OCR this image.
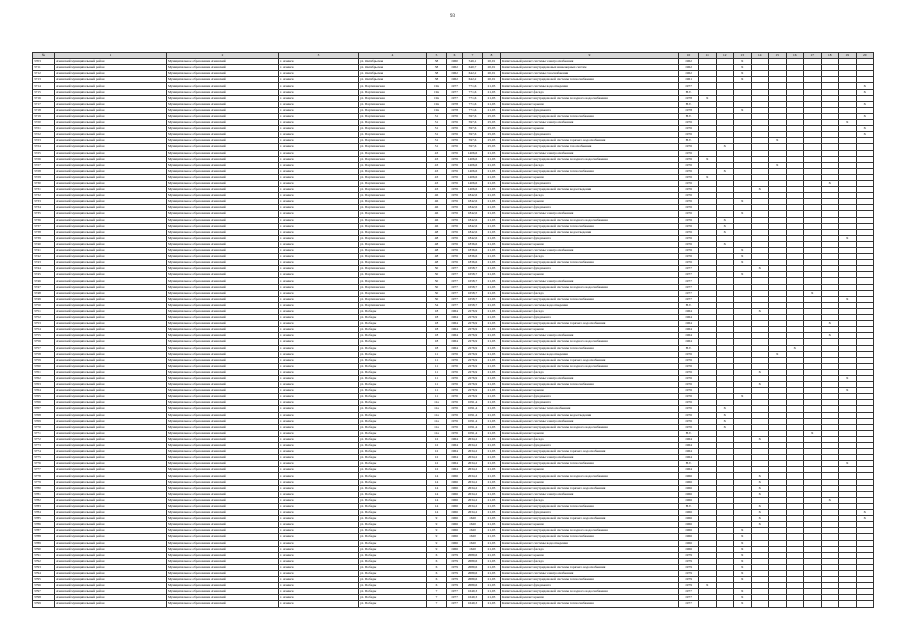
93
№	1	2	3	4	5	6	7	8	9	10	11	12	13	14	15	16	17	18	19	20
3703	Ачинский муниципальный район	Муниципальное образование Ачинский	г. Ачинск	ул. Октябрьская	38	1960	546,1	20,01	Капитальный ремонт системы электроснабжения	1962			Х							
3711	Ачинский муниципальный район	Муниципальное образование Ачинский	г. Ачинск	ул. Октябрьская	38	1962	640,7	20,01	Капитальный ремонт внутридомовых инженерных систем	1962			Х							
3712	Ачинский муниципальный район	Муниципальное образование Ачинский	г. Ачинск	ул. Октябрьская	38	1962	642,2	20,01	Капитальный ремонт системы газоснабжения	1962			Х							
3713	Ачинский муниципальный район	Муниципальное образование Ачинский	г. Ачинск	ул. Октябрьская	38	1962	642,2	20,01	Капитальный ремонт внутридомовой системы теплоснабжения	1961			Х							
3714	Ачинский муниципальный район	Муниципальное образование Ачинский	г. Ачинск	ул. Партизанская	19а	1977	771,6	21,03	Капитальный ремонт системы водоотведения	1977										Х
3715	Ачинский муниципальный район	Муниципальное образование Ачинский	г. Ачинск	ул. Партизанская	19а	1977	771,6	21,03	Капитальный ремонт фасада	Н.Т.										Х
3716	Ачинский муниципальный район	Муниципальное образование Ачинский	г. Ачинск	ул. Партизанская	19а	1977	771,6	21,03	Капитальный ремонт внутридомовой системы холодного водоснабжения	1978	Х									
3717	Ачинский муниципальный район	Муниципальное образование Ачинский	г. Ачинск	ул. Партизанская	19а	1978	771,6	21,03	Капитальный ремонт крыши	Н.Т.										Х
3718	Ачинский муниципальный район	Муниципальное образование Ачинский	г. Ачинск	ул. Партизанская	19а	1978	771,6	21,03	Капитальный ремонт фундамента	1978			Х							
3719	Ачинский муниципальный район	Муниципальное образование Ачинский	г. Ачинск	ул. Партизанская	31	1976	597,6	25,03	Капитальный ремонт внутридомовой системы теплоснабжения	Н.Т.										Х
3720	Ачинский муниципальный район	Муниципальное образование Ачинский	г. Ачинск	ул. Партизанская	31	1976	597,6	25,03	Капитальный ремонт системы электроснабжения	1976									Х	
3721	Ачинский муниципальный район	Муниципальное образование Ачинский	г. Ачинск	ул. Партизанская	31	1976	597,6	25,03	Капитальный ремонт крыши	1976										Х
3722	Ачинский муниципальный район	Муниципальное образование Ачинский	г. Ачинск	ул. Партизанская	31	1976	597,6	25,03	Капитальный ремонт фундамента	1976										Х
3723	Ачинский муниципальный район	Муниципальное образование Ачинский	г. Ачинск	ул. Партизанская	31	1976	597,6	25,03	Капитальный ремонт внутридомовой системы горячего водоснабжения	Н.Т.					Х					
3724	Ачинский муниципальный район	Муниципальное образование Ачинский	г. Ачинск	ул. Партизанская	31	1976	597,6	25,03	Капитальный ремонт внутридомовой системы газоснабжения	1976		Х								
3725	Ачинский муниципальный район	Муниципальное образование Ачинский	г. Ачинск	ул. Партизанская	43	1976	1406,6	21,03	Капитальный ремонт системы электроснабжения	1976										
3726	Ачинский муниципальный район	Муниципальное образование Ачинский	г. Ачинск	ул. Партизанская	43	1976	1406,6	21,03	Капитальный ремонт внутридомовой системы холодного водоснабжения	1976	Х									
3727	Ачинский муниципальный район	Муниципальное образование Ачинский	г. Ачинск	ул. Партизанская	43	1976	1406,6	21,03	Капитальный ремонт фасада	1976					Х					
3728	Ачинский муниципальный район	Муниципальное образование Ачинский	г. Ачинск	ул. Партизанская	43	1976	1406,6	21,03	Капитальный ремонт внутридомовой системы теплоснабжения	1976		Х								
3729	Ачинский муниципальный район	Муниципальное образование Ачинский	г. Ачинск	ул. Партизанская	43	1976	1406,6	21,03	Капитальный ремонт крыши	1976	Х									
3730	Ачинский муниципальный район	Муниципальное образование Ачинский	г. Ачинск	ул. Партизанская	43	1976	1406,6	21,03	Капитальный ремонт фундамента	1976								Х		
3731	Ачинский муниципальный район	Муниципальное образование Ачинский	г. Ачинск	ул. Партизанская	43	1976	1406,6	21,03	Капитальный ремонт внутридомовой системы водоотведения	1976				Х						
3732	Ачинский муниципальный район	Муниципальное образование Ачинский	г. Ачинск	ул. Партизанская	46	1976	1842,6	21,03	Капитальный ремонт фасада	1976										
3733	Ачинский муниципальный район	Муниципальное образование Ачинский	г. Ачинск	ул. Партизанская	46	1976	1842,6	21,03	Капитальный ремонт крыши	1976			Х							
3734	Ачинский муниципальный район	Муниципальное образование Ачинский	г. Ачинск	ул. Партизанская	46	1976	1842,6	21,03	Капитальный ремонт фундамента	1976										
3735	Ачинский муниципальный район	Муниципальное образование Ачинский	г. Ачинск	ул. Партизанская	46	1976	1842,6	21,03	Капитальный ремонт системы электроснабжения	1976			Х							
3736	Ачинский муниципальный район	Муниципальное образование Ачинский	г. Ачинск	ул. Партизанская	46	1976	1842,6	21,03	Капитальный ремонт внутридомовой системы холодного водоснабжения	1976		Х								
3737	Ачинский муниципальный район	Муниципальное образование Ачинский	г. Ачинск	ул. Партизанская	46	1976	1842,6	21,03	Капитальный ремонт внутридомовой системы теплоснабжения	1976		Х								
3738	Ачинский муниципальный район	Муниципальное образование Ачинский	г. Ачинск	ул. Партизанская	48	1976	1842,6	21,03	Капитальный ремонт внутридомовой системы водоотведения	1976		Х								
3739	Ачинский муниципальный район	Муниципальное образование Ачинский	г. Ачинск	ул. Партизанская	48	1976	1842,6	21,03	Капитальный ремонт фундамента	1976									Х	
3740	Ачинский муниципальный район	Муниципальное образование Ачинский	г. Ачинск	ул. Партизанская	48	1976	1836,6	21,03	Капитальный ремонт крыши	1976		Х								
3741	Ачинский муниципальный район	Муниципальное образование Ачинский	г. Ачинск	ул. Партизанская	48	1976	1836,6	21,03	Капитальный ремонт системы электроснабжения	1976			Х							
3742	Ачинский муниципальный район	Муниципальное образование Ачинский	г. Ачинск	ул. Партизанская	48	1976	1836,6	21,03	Капитальный ремонт фасада	1976			Х							
3743	Ачинский муниципальный район	Муниципальное образование Ачинский	г. Ачинск	ул. Партизанская	48	1976	1836,6	21,03	Капитальный ремонт внутридомовой системы теплоснабжения	1976			Х							
3744	Ачинский муниципальный район	Муниципальное образование Ачинский	г. Ачинск	ул. Партизанская	50	1977	1658,7	21,03	Капитальный ремонт фундамента	1977				Х						
3745	Ачинский муниципальный район	Муниципальное образование Ачинский	г. Ачинск	ул. Партизанская	50	1977	1658,7	21,03	Капитальный ремонт крыши	1977			Х							
3746	Ачинский муниципальный район	Муниципальное образование Ачинский	г. Ачинск	ул. Партизанская	50	1977	1658,7	21,03	Капитальный ремонт системы электроснабжения	1977										
3747	Ачинский муниципальный район	Муниципальное образование Ачинский	г. Ачинск	ул. Партизанская	50	1977	1658,7	21,03	Капитальный ремонт внутридомовой системы холодного водоснабжения	1977										
3748	Ачинский муниципальный район	Муниципальное образование Ачинский	г. Ачинск	ул. Партизанская	50	1977	1658,7	21,03	Капитальный ремонт фасада	1977							Х			
3749	Ачинский муниципальный район	Муниципальное образование Ачинский	г. Ачинск	ул. Партизанская	50	1977	1658,7	21,03	Капитальный ремонт внутридомовой системы теплоснабжения	1977									Х	
3750	Ачинский муниципальный район	Муниципальное образование Ачинский	г. Ачинск	ул. Партизанская	54	1977	1658,7	21,03	Капитальный ремонт системы водоотведения	Н.Т.										
3751	Ачинский муниципальный район	Муниципальное образование Ачинский	г. Ачинск	ул. Победы	18	1964	2276,9	21,03	Капитальный ремонт фасада	1964				Х						
3752	Ачинский муниципальный район	Муниципальное образование Ачинский	г. Ачинск	ул. Победы	18	1964	2276,9	21,03	Капитальный ремонт фундамента	1964										
3753	Ачинский муниципальный район	Муниципальное образование Ачинский	г. Ачинск	ул. Победы	18	1964	2276,9	21,03	Капитальный ремонт внутридомовой системы горячего водоснабжения	1964								Х		
3754	Ачинский муниципальный район	Муниципальное образование Ачинский	г. Ачинск	ул. Победы	18	1964	2276,9	21,03	Капитальный ремонт крыши	1964										
3755	Ачинский муниципальный район	Муниципальное образование Ачинский	г. Ачинск	ул. Победы	18	1964	2276,9	21,03	Капитальный ремонт системы электроснабжения	1964								Х		
3756	Ачинский муниципальный район	Муниципальное образование Ачинский	г. Ачинск	ул. Победы	18	1964	2276,9	21,03	Капитальный ремонт внутридомовой системы холодного водоснабжения	1964										
3757	Ачинский муниципальный район	Муниципальное образование Ачинский	г. Ачинск	ул. Победы	18	1964	2276,9	21,03	Капитальный ремонт внутридомовой системы теплоснабжения	Н.Т.						Х				
3758	Ачинский муниципальный район	Муниципальное образование Ачинский	г. Ачинск	ул. Победы	11	1976	2276,9	21,03	Капитальный ремонт системы водоотведения	1976					Х					
3759	Ачинский муниципальный район	Муниципальное образование Ачинский	г. Ачинск	ул. Победы	11	1976	2276,9	21,03	Капитальный ремонт внутридомовой системы горячего водоснабжения	1976										
3760	Ачинский муниципальный район	Муниципальное образование Ачинский	г. Ачинск	ул. Победы	11	1976	2276,9	21,03	Капитальный ремонт внутридомовой системы холодного водоснабжения	1976										
3761	Ачинский муниципальный район	Муниципальное образование Ачинский	г. Ачинск	ул. Победы	11	1976	2276,9	21,03	Капитальный ремонт фасада	1976				Х						
3762	Ачинский муниципальный район	Муниципальное образование Ачинский	г. Ачинск	ул. Победы	11	1976	2276,9	21,03	Капитальный ремонт системы электроснабжения	1976									Х	
3763	Ачинский муниципальный район	Муниципальное образование Ачинский	г. Ачинск	ул. Победы	11	1976	2276,9	21,03	Капитальный ремонт внутридомовой системы теплоснабжения	1976				Х						
3764	Ачинский муниципальный район	Муниципальное образование Ачинский	г. Ачинск	ул. Победы	11	1976	2276,9	21,03	Капитальный ремонт крыши	1976									Х	
3765	Ачинский муниципальный район	Муниципальное образование Ачинский	г. Ачинск	ул. Победы	11	1976	2276,9	21,03	Капитальный ремонт фундамента	1976			Х							
3766	Ачинский муниципальный район	Муниципальное образование Ачинский	г. Ачинск	ул. Победы	11а	1976	1091,4	21,03	Капитальный ремонт фундамента	1976										
3767	Ачинский муниципальный район	Муниципальное образование Ачинский	г. Ачинск	ул. Победы	11а	1976	1091,4	21,03	Капитальный ремонт системы теплоснабжения	1976		Х								
3768	Ачинский муниципальный район	Муниципальное образование Ачинский	г. Ачинск	ул. Победы	11а	1976	1091,4	21,03	Капитальный ремонт внутридомовой системы водоотведения	1976		Х								
3769	Ачинский муниципальный район	Муниципальное образование Ачинский	г. Ачинск	ул. Победы	11а	1976	1091,4	21,03	Капитальный ремонт системы электроснабжения	1976		Х								
3770	Ачинский муниципальный район	Муниципальное образование Ачинский	г. Ачинск	ул. Победы	11а	1976	1091,4	21,03	Капитальный ремонт внутридомовой системы холодного водоснабжения	1976		Х								
3771	Ачинский муниципальный район	Муниципальное образование Ачинский	г. Ачинск	ул. Победы	11а	1976	1091,4	21,03	Капитальный ремонт крыши	Н.Т.							Х			
3772	Ачинский муниципальный район	Муниципальное образование Ачинский	г. Ачинск	ул. Победы	12	1964	2634,2	21,03	Капитальный ремонт фасада	1964				Х						
3773	Ачинский муниципальный район	Муниципальное образование Ачинский	г. Ачинск	ул. Победы	12	1964	2634,2	21,03	Капитальный ремонт фундамента	1964										
3774	Ачинский муниципальный район	Муниципальное образование Ачинский	г. Ачинск	ул. Победы	12	1964	2634,2	21,03	Капитальный ремонт внутридомовой системы горячего водоснабжения	1964										
3775	Ачинский муниципальный район	Муниципальное образование Ачинский	г. Ачинск	ул. Победы	12	1964	2634,2	21,03	Капитальный ремонт системы электроснабжения	1964										
3776	Ачинский муниципальный район	Муниципальное образование Ачинский	г. Ачинск	ул. Победы	12	1964	2634,2	21,03	Капитальный ремонт внутридомовой системы теплоснабжения	Н.Т.									Х	
3777	Ачинский муниципальный район	Муниципальное образование Ачинский	г. Ачинск	ул. Победы	12	1964	2634,2	21,03	Капитальный ремонт крыши	1964										
3778	Ачинский муниципальный район	Муниципальное образование Ачинский	г. Ачинск	ул. Победы	14	1966	2634,2	21,03	Капитальный ремонт внутридомовой системы холодного водоснабжения	1966				Х						
3779	Ачинский муниципальный район	Муниципальное образование Ачинский	г. Ачинск	ул. Победы	14	1966	2634,2	21,03	Капитальный ремонт крыши	1966				Х						
3780	Ачинский муниципальный район	Муниципальное образование Ачинский	г. Ачинск	ул. Победы	14	1966	2634,2	21,03	Капитальный ремонт внутридомовой системы горячего водоснабжения	1966				Х						
3781	Ачинский муниципальный район	Муниципальное образование Ачинский	г. Ачинск	ул. Победы	14	1966	2634,2	21,03	Капитальный ремонт системы электроснабжения	1966				Х						
3782	Ачинский муниципальный район	Муниципальное образование Ачинский	г. Ачинск	ул. Победы	14	1966	2634,2	21,03	Капитальный ремонт фасада	1966								Х		
3783	Ачинский муниципальный район	Муниципальное образование Ачинский	г. Ачинск	ул. Победы	14	1966	2634,2	21,03	Капитальный ремонт внутридомовой системы теплоснабжения	Н.Т.				Х						
3784	Ачинский муниципальный район	Муниципальное образование Ачинский	г. Ачинск	ул. Победы	14	1966	2634,2	21,03	Капитальный ремонт фундамента	1966				Х						Х
3785	Ачинский муниципальный район	Муниципальное образование Ачинский	г. Ачинск	ул. Победы	9	1966	1620	21,03	Капитальный ремонт внутридомовой системы горячего водоснабжения	1966				Х						Х
3786	Ачинский муниципальный район	Муниципальное образование Ачинский	г. Ачинск	ул. Победы	9	1966	1620	21,03	Капитальный ремонт крыши	1966				Х						
3787	Ачинский муниципальный район	Муниципальное образование Ачинский	г. Ачинск	ул. Победы	9	1966	1620	21,03	Капитальный ремонт внутридомовой системы холодного водоснабжения	1966			Х							
3788	Ачинский муниципальный район	Муниципальное образование Ачинский	г. Ачинск	ул. Победы	9	1966	1620	21,03	Капитальный ремонт внутридомовой системы теплоснабжения	1966			Х							
3789	Ачинский муниципальный район	Муниципальное образование Ачинский	г. Ачинск	ул. Победы	9	1966	1620	21,03	Капитальный ремонт системы водоотведения	1966			Х							
3790	Ачинский муниципальный район	Муниципальное образование Ачинский	г. Ачинск	ул. Победы	9	1966	1620	21,03	Капитальный ремонт фасада	1966			Х							
3791	Ачинский муниципальный район	Муниципальное образование Ачинский	г. Ачинск	ул. Победы	6	1979	2689,6	21,03	Капитальный ремонт крыши	1979			Х							
3792	Ачинский муниципальный район	Муниципальное образование Ачинский	г. Ачинск	ул. Победы	6	1979	2689,6	21,03	Капитальный ремонт фасада	1979			Х							
3793	Ачинский муниципальный район	Муниципальное образование Ачинский	г. Ачинск	ул. Победы	6	1979	2689,6	21,03	Капитальный ремонт внутридомовой системы горячего водоснабжения	1979			Х							
3794	Ачинский муниципальный район	Муниципальное образование Ачинский	г. Ачинск	ул. Победы	6	1979	2689,6	21,03	Капитальный ремонт системы электроснабжения	1979			Х							
3795	Ачинский муниципальный район	Муниципальное образование Ачинский	г. Ачинск	ул. Победы	6	1979	2689,6	21,03	Капитальный ремонт внутридомовой системы теплоснабжения	1979			Х							
3796	Ачинский муниципальный район	Муниципальное образование Ачинский	г. Ачинск	ул. Победы	6	1979	2689,6	21,03	Капитальный ремонт фундамента	1979	Х									
3797	Ачинский муниципальный район	Муниципальное образование Ачинский	г. Ачинск	ул. Победы	7	1977	1649,3	21,03	Капитальный ремонт внутридомовой системы холодного водоснабжения	1977			Х							
3798	Ачинский муниципальный район	Муниципальное образование Ачинский	г. Ачинск	ул. Победы	7	1977	1649,3	21,03	Капитальный ремонт крыши	1977			Х							
3799	Ачинский муниципальный район	Муниципальное образование Ачинский	г. Ачинск	ул. Победы	7	1977	1649,3	21,03	Капитальный ремонт внутридомовой системы теплоснабжения	1977			Х							
